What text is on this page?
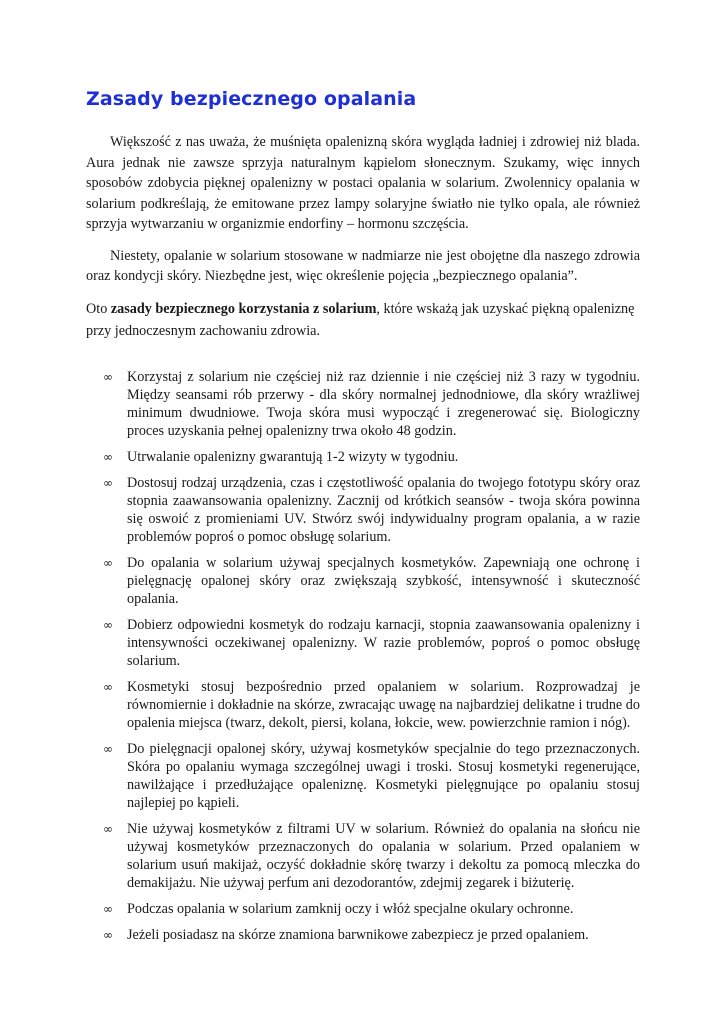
Zasady bezpiecznego opalania

Większość z nas uważa, że muśnięta opalenizną skóra wygląda ładniej i zdrowiej niż blada. Aura jednak nie zawsze sprzyja naturalnym kąpielom słonecznym. Szukamy, więc innych sposobów zdobycia pięknej opalenizny w postaci opalania w solarium. Zwolennicy opalania w solarium podkreślają, że emitowane przez lampy solaryjne światło nie tylko opala, ale również sprzyja wytwarzaniu w organizmie endorfiny – hormonu szczęścia.

Niestety, opalanie w solarium stosowane w nadmiarze nie jest obojętne dla naszego zdrowia oraz kondycji skóry. Niezbędne jest, więc określenie pojęcia „bezpiecznego opalania”.

Oto zasady bezpiecznego korzystania z solarium, które wskażą jak uzyskać piękną opaleniznę przy jednoczesnym zachowaniu zdrowia.

∞ Korzystaj z solarium nie częściej niż raz dziennie i nie częściej niż 3 razy w tygodniu. Między seansami rób przerwy - dla skóry normalnej jednodniowe, dla skóry wrażliwej minimum dwudniowe. Twoja skóra musi wypocząć i zregenerować się. Biologiczny proces uzyskania pełnej opalenizny trwa około 48 godzin.
∞ Utrwalanie opalenizny gwarantują 1-2 wizyty w tygodniu.
∞ Dostosuj rodzaj urządzenia, czas i częstotliwość opalania do twojego fototypu skóry oraz stopnia zaawansowania opalenizny. Zacznij od krótkich seansów - twoja skóra powinna się oswoić z promieniami UV. Stwórz swój indywidualny program opalania, a w razie problemów poproś o pomoc obsługę solarium.
∞ Do opalania w solarium używaj specjalnych kosmetyków. Zapewniają one ochronę i pielęgnację opalonej skóry oraz zwiększają szybkość, intensywność i skuteczność opalania.
∞ Dobierz odpowiedni kosmetyk do rodzaju karnacji, stopnia zaawansowania opalenizny i intensywności oczekiwanej opalenizny. W razie problemów, poproś o pomoc obsługę solarium.
∞ Kosmetyki stosuj bezpośrednio przed opalaniem w solarium. Rozprowadzaj je równomiernie i dokładnie na skórze, zwracając uwagę na najbardziej delikatne i trudne do opalenia miejsca (twarz, dekolt, piersi, kolana, łokcie, wew. powierzchnie ramion i nóg).
∞ Do pielęgnacji opalonej skóry, używaj kosmetyków specjalnie do tego przeznaczonych. Skóra po opalaniu wymaga szczególnej uwagi i troski. Stosuj kosmetyki regenerujące, nawilżające i przedłużające opaleniznę. Kosmetyki pielęgnujące po opalaniu stosuj najlepiej po kąpieli.
∞ Nie używaj kosmetyków z filtrami UV w solarium. Również do opalania na słońcu nie używaj kosmetyków przeznaczonych do opalania w solarium. Przed opalaniem w solarium usuń makijaż, oczyść dokładnie skórę twarzy i dekoltu za pomocą mleczka do demakijażu. Nie używaj perfum ani dezodorantów, zdejmij zegarek i biżuterię.
∞ Podczas opalania w solarium zamknij oczy i włóż specjalne okulary ochronne.
∞ Jeżeli posiadasz na skórze znamiona barwnikowe zabezpiecz je przed opalaniem.
